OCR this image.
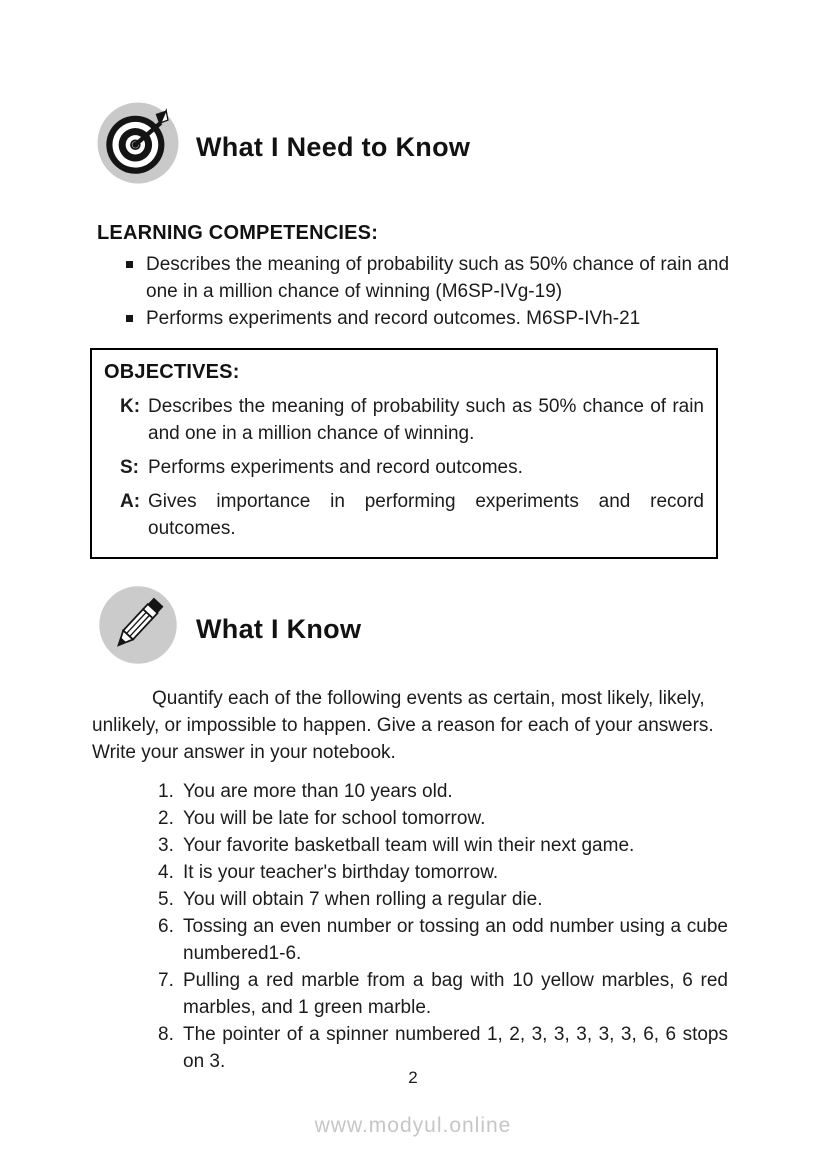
What I Need to Know
LEARNING COMPETENCIES:
Describes the meaning of probability such as 50% chance of rain and one in a million chance of winning (M6SP-IVg-19)
Performs experiments and record outcomes. M6SP-IVh-21
OBJECTIVES:
K: Describes the meaning of probability such as 50% chance of rain and one in a million chance of winning.
S: Performs experiments and record outcomes.
A: Gives importance in performing experiments and record outcomes.
What I Know

Quantify each of the following events as certain, most likely, likely, unlikely, or impossible to happen. Give a reason for each of your answers. Write your answer in your notebook.

1. You are more than 10 years old.
2. You will be late for school tomorrow.
3. Your favorite basketball team will win their next game.
4. It is your teacher's birthday tomorrow.
5. You will obtain 7 when rolling a regular die.
6. Tossing an even number or tossing an odd number using a cube numbered1-6.
7. Pulling a red marble from a bag with 10 yellow marbles, 6 red marbles, and 1 green marble.
8. The pointer of a spinner numbered 1, 2, 3, 3, 3, 3, 3, 6, 6 stops on 3.
2
www.modyul.online
